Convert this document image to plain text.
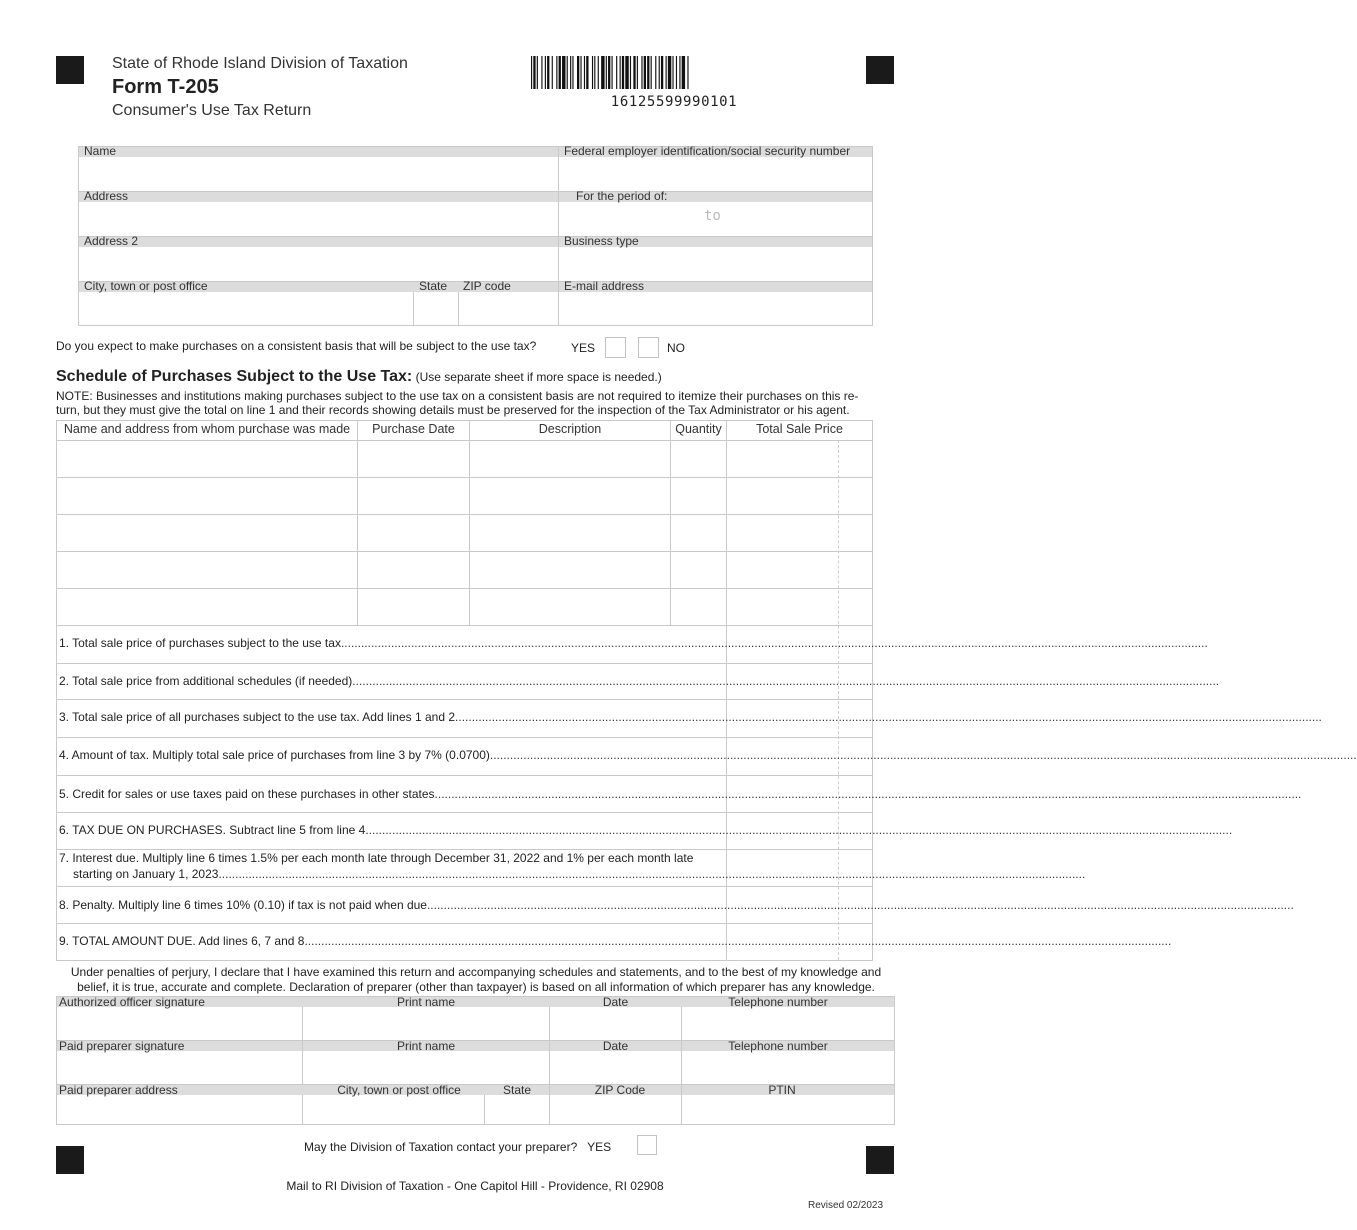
State of Rhode Island Division of Taxation
Form T-205
Consumer's Use Tax Return	16125599990101
Name	Federal employer identification/social security number
Address	For the period of:
to
Address 2	Business type
City, town or post office	State ZIP code	E-mail address
Do you expect to make purchases on a consistent basis that will be subject to the use tax?	YES	NO
Schedule of Purchases Subject to the Use Tax: (Use separate sheet if more space is needed.)
NOTE: Businesses and institutions making purchases subject to the use tax on a consistent basis are not required to itemize their purchases on this re-
turn, but they must give the total on line 1 and their records showing details must be preserved for the inspection of the Tax Administrator or his agent.
Name and address from whom purchase was made	Purchase Date	Description	Quantity	Total Sale Price
1. Total sale price of purchases subject to the use tax....................................................................................................................................................................................................................................................................
2. Total sale price from additional schedules (if needed)....................................................................................................................................................................................................................................................................
3. Total sale price of all purchases subject to the use tax. Add lines 1 and 2....................................................................................................................................................................................................................................................................
4. Amount of tax. Multiply total sale price of purchases from line 3 by 7% (0.0700)....................................................................................................................................................................................................................................................................
5. Credit for sales or use taxes paid on these purchases in other states....................................................................................................................................................................................................................................................................
6. TAX DUE ON PURCHASES. Subtract line 5 from line 4....................................................................................................................................................................................................................................................................
7. Interest due. Multiply line 6 times 1.5% per each month late through December 31, 2022 and 1% per each month late
starting on January 1, 2023....................................................................................................................................................................................................................................................................
8. Penalty. Multiply line 6 times 10% (0.10) if tax is not paid when due....................................................................................................................................................................................................................................................................
9. TOTAL AMOUNT DUE. Add lines 6, 7 and 8....................................................................................................................................................................................................................................................................
Under penalties of perjury, I declare that I have examined this return and accompanying schedules and statements, and to the best of my knowledge and
belief, it is true, accurate and complete. Declaration of preparer (other than taxpayer) is based on all information of which preparer has any knowledge.
Authorized officer signature	Print name	Date	Telephone number
Paid preparer signature	Print name	Date	Telephone number
Paid preparer address	City, town or post office	State	ZIP Code	PTIN
May the Division of Taxation contact your preparer? YES
Mail to RI Division of Taxation - One Capitol Hill - Providence, RI 02908
Revised 02/2023
